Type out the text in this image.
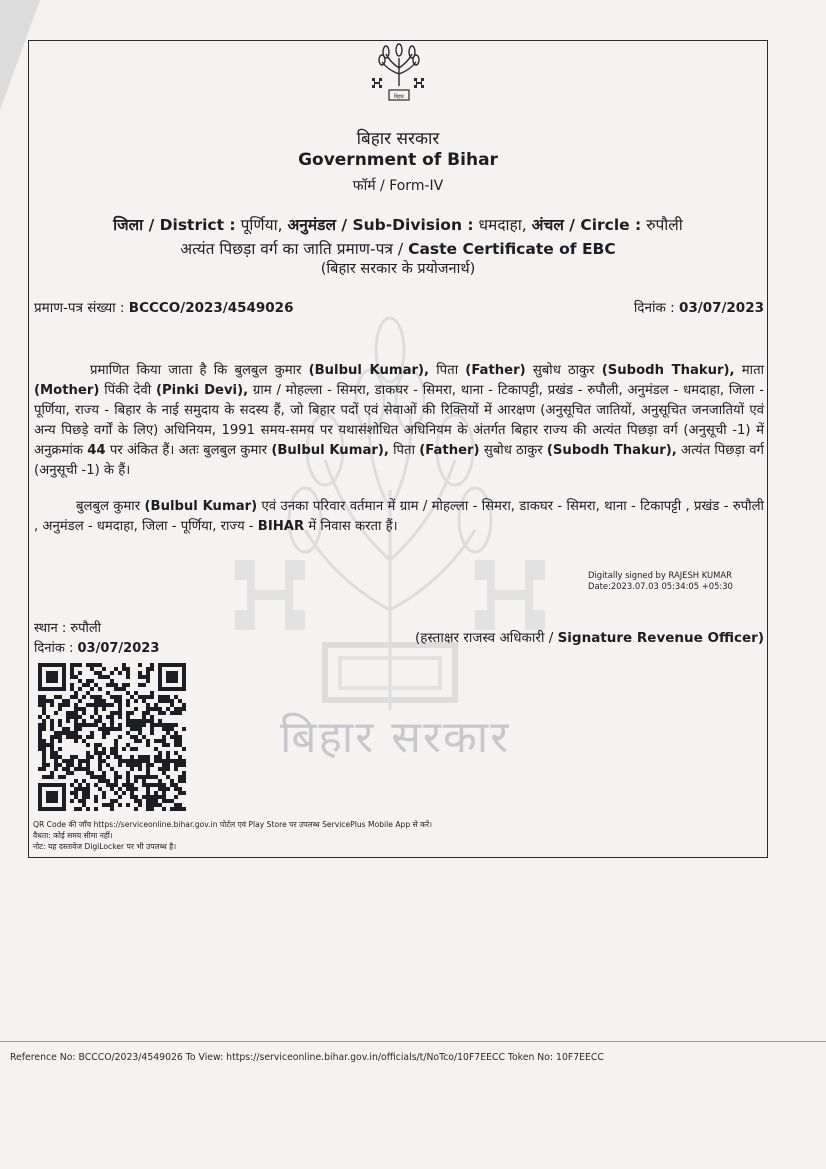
बिहार सरकार
बिहार
बिहार सरकार
Government of Bihar
फॉर्म / Form-IV
जिला / District : पूर्णिया, अनुमंडल / Sub-Division : धमदाहा, अंचल / Circle : रुपौली
अत्यंत पिछड़ा वर्ग का जाति प्रमाण-पत्र / Caste Certificate of EBC
(बिहार सरकार के प्रयोजनार्थ)
प्रमाण-पत्र संख्या : BCCCO/2023/4549026	दिनांक : 03/07/2023

प्रमाणित किया जाता है कि बुलबुल कुमार (Bulbul Kumar), पिता (Father) सुबोध ठाकुर (Subodh Thakur), माता (Mother) पिंकी देवी (Pinki Devi), ग्राम / मोहल्ला - सिमरा, डाकघर - सिमरा, थाना - टिकापट्टी, प्रखंड - रुपौली, अनुमंडल - धमदाहा, जिला - पूर्णिया, राज्य - बिहार के नाई समुदाय के सदस्य हैं, जो बिहार पदों एवं सेवाओं की रिक्तियों में आरक्षण (अनुसूचित जातियों, अनुसूचित जनजातियों एवं अन्य पिछड़े वर्गों के लिए) अधिनियम, 1991 समय-समय पर यथासंशोधित अधिनियम के अंतर्गत बिहार राज्य की अत्यंत पिछड़ा वर्ग (अनुसूची -1) में अनुक्रमांक 44 पर अंकित हैं। अतः बुलबुल कुमार (Bulbul Kumar), पिता (Father) सुबोध ठाकुर (Subodh Thakur), अत्यंत पिछड़ा वर्ग (अनुसूची -1) के हैं।

बुलबुल कुमार (Bulbul Kumar) एवं उनका परिवार वर्तमान में ग्राम / मोहल्ला - सिमरा, डाकघर - सिमरा, थाना - टिकापट्टी , प्रखंड - रुपौली , अनुमंडल - धमदाहा, जिला - पूर्णिया, राज्य - BIHAR में निवास करता हैं।

Digitally signed by RAJESH KUMAR
Date:2023.07.03 05:34:05 +05:30
स्थान : रुपौली
दिनांक : 03/07/2023
(हस्ताक्षर राजस्व अधिकारी / Signature Revenue Officer)
QR Code की जाँच https://serviceonline.bihar.gov.in पोर्टल एवं Play Store पर उपलब्ध ServicePlus Mobile App से करें।
वैधता: कोई समय सीमा नहीं।
नोट: यह दस्तावेज DigiLocker पर भी उपलब्ध है।
Reference No: BCCCO/2023/4549026 To View: https://serviceonline.bihar.gov.in/officials/t/NoTco/10F7EECC Token No: 10F7EECC
